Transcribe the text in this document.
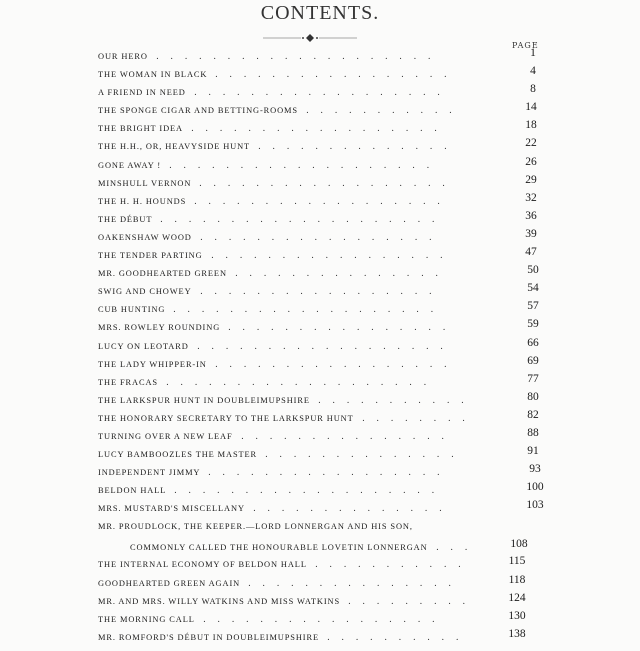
CONTENTS.
PAGE
OUR HERO	1
.    .    .    .    .    .    .    .    .    .    .    .    .    .    .    .    .    .    .    .
THE WOMAN IN BLACK	4
.    .    .    .    .    .    .    .    .    .    .    .    .    .    .    .    .
A FRIEND IN NEED	8
.    .    .    .    .    .    .    .    .    .    .    .    .    .    .    .    .    .
THE SPONGE CIGAR AND BETTING-ROOMS	14
.    .    .    .    .    .    .    .    .    .    .
THE BRIGHT IDEA	18
.    .    .    .    .    .    .    .    .    .    .    .    .    .    .    .    .    .
THE H.H., OR, HEAVYSIDE HUNT	22
.    .    .    .    .    .    .    .    .    .    .    .    .    .
GONE AWAY !	26
.    .    .    .    .    .    .    .    .    .    .    .    .    .    .    .    .    .    .
MINSHULL VERNON	29
.    .    .    .    .    .    .    .    .    .    .    .    .    .    .    .    .    .
THE H. H. HOUNDS	32
.    .    .    .    .    .    .    .    .    .    .    .    .    .    .    .    .    .
THE DÉBUT	36
.    .    .    .    .    .    .    .    .    .    .    .    .    .    .    .    .    .    .    .
OAKENSHAW WOOD	39
.    .    .    .    .    .    .    .    .    .    .    .    .    .    .    .    .
THE TENDER PARTING	47
.    .    .    .    .    .    .    .    .    .    .    .    .    .    .    .    .
MR. GOODHEARTED GREEN	50
.    .    .    .    .    .    .    .    .    .    .    .    .    .    .
SWIG AND CHOWEY	54
.    .    .    .    .    .    .    .    .    .    .    .    .    .    .    .    .
CUB HUNTING	57
.    .    .    .    .    .    .    .    .    .    .    .    .    .    .    .    .    .    .
MRS. ROWLEY ROUNDING	59
.    .    .    .    .    .    .    .    .    .    .    .    .    .    .    .
LUCY ON LEOTARD	66
.    .    .    .    .    .    .    .    .    .    .    .    .    .    .    .    .    .
THE LADY WHIPPER-IN	69
.    .    .    .    .    .    .    .    .    .    .    .    .    .    .    .    .
THE FRACAS	77
.    .    .    .    .    .    .    .    .    .    .    .    .    .    .    .    .    .    .
THE LARKSPUR HUNT IN DOUBLEIMUPSHIRE	80
.    .    .    .    .    .    .    .    .    .    .
THE HONORARY SECRETARY TO THE LARKSPUR HUNT	82
.    .    .    .    .    .    .    .
TURNING OVER A NEW LEAF	88
.    .    .    .    .    .    .    .    .    .    .    .    .    .    .
LUCY BAMBOOZLES THE MASTER	91
.    .    .    .    .    .    .    .    .    .    .    .    .    .
INDEPENDENT JIMMY	93
.    .    .    .    .    .    .    .    .    .    .    .    .    .    .    .    .
BELDON HALL	100
.    .    .    .    .    .    .    .    .    .    .    .    .    .    .    .    .    .    .
MRS. MUSTARD'S MISCELLANY	103
.    .    .    .    .    .    .    .    .    .    .    .    .    .
MR. PROUDLOCK, THE KEEPER.—LORD LONNERGAN AND HIS SON,
COMMONLY CALLED THE HONOURABLE LOVETIN LONNERGAN	108
.    .    .
THE INTERNAL ECONOMY OF BELDON HALL	115
.    .    .    .    .    .    .    .    .    .    .
GOODHEARTED GREEN AGAIN	118
.    .    .    .    .    .    .    .    .    .    .    .    .    .    .
MR. AND MRS. WILLY WATKINS AND MISS WATKINS	124
.    .    .    .    .    .    .    .    .
THE MORNING CALL	130
.    .    .    .    .    .    .    .    .    .    .    .    .    .    .    .    .
MR. ROMFORD'S DÉBUT IN DOUBLEIMUPSHIRE	138
.    .    .    .    .    .    .    .    .    .
